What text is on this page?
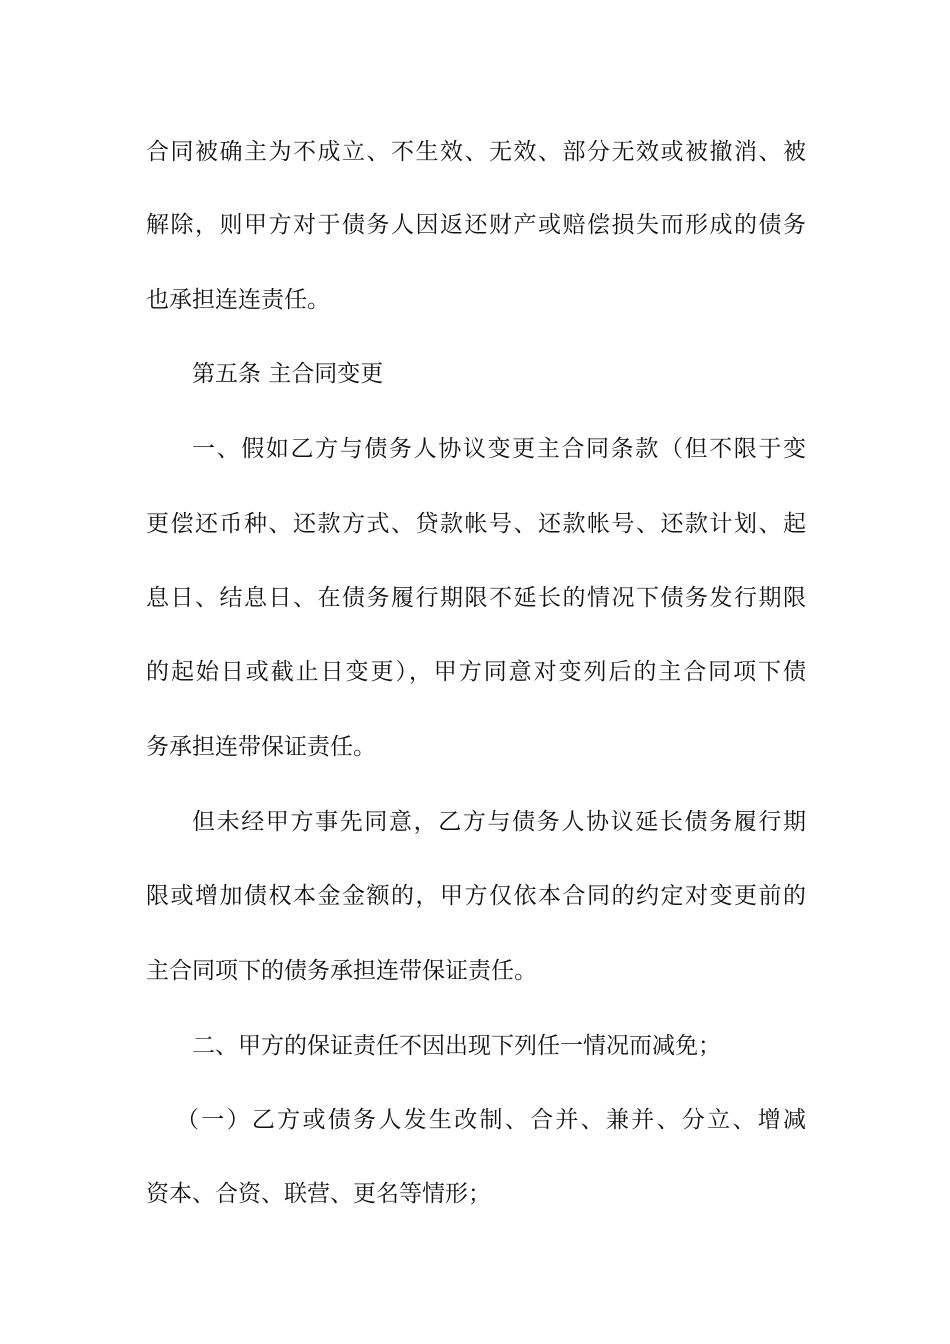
合同被确主为不成立、不生效、无效、部分无效或被撤消、被
解除，则甲方对于债务人因返还财产或赔偿损失而形成的债务
也承担连连责任。
第五条 主合同变更
一、假如乙方与债务人协议变更主合同条款（但不限于变
更偿还币种、还款方式、贷款帐号、还款帐号、还款计划、起
息日、结息日、在债务履行期限不延长的情况下债务发行期限
的起始日或截止日变更），甲方同意对变列后的主合同项下债
务承担连带保证责任。
但未经甲方事先同意，乙方与债务人协议延长债务履行期
限或增加债权本金金额的，甲方仅依本合同的约定对变更前的
主合同项下的债务承担连带保证责任。
二、甲方的保证责任不因出现下列任一情况而减免；
（一）乙方或债务人发生改制、合并、兼并、分立、增减
资本、合资、联营、更名等情形；
